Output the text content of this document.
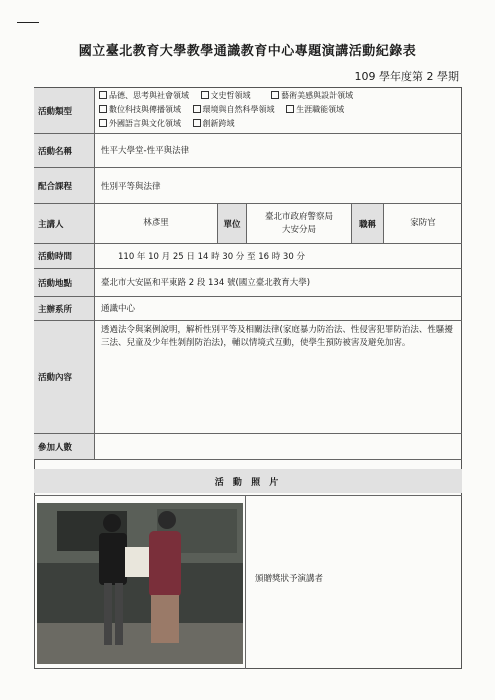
國立臺北教育大學教學通識教育中心專題演講活動紀錄表
109 學年度第 2 學期
活動類型
品德、思考與社會領域	文史哲領域	藝術美感與設計領域
數位科技與傳播領域	環境與自然科學領域	生涯職能領域
外國語言與文化領域	創新跨域
活動名稱	性平大學堂-性平與法律
配合課程	性別平等與法律
主講人	林彥里	單位
臺北市政府警察局
大安分局	職稱	家防官
活動時間	110 年 10 月 25 日 14 時 30 分 至 16 時 30 分
活動地點	臺北市大安區和平東路 2 段 134 號(國立臺北教育大學)
主辦系所	通識中心
活動內容
透過法令與案例說明，解析性別平等及相關法律(家庭暴力防治法、性侵害犯罪防治法、性騷擾三法、兒童及少年性剝削防治法)，輔以情境式互動，使學生預防被害及避免加害。
參加人數
活 動 照 片
頒贈獎狀予演講者
